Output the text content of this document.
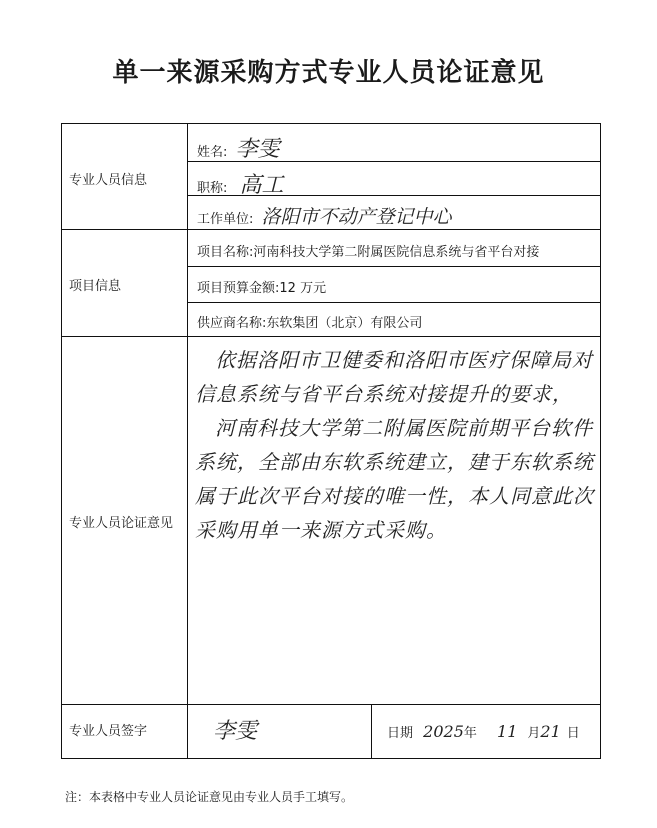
单一来源采购方式专业人员论证意见
专业人员信息
项目信息
专业人员论证意见
专业人员签字
姓名: 李雯
职称: 高工
工作单位: 洛阳市不动产登记中心
项目名称:河南科技大学第二附属医院信息系统与省平台对接
项目预算金额:12 万元
供应商名称:东软集团（北京）有限公司

依据洛阳市卫健委和洛阳市医疗保障局对信息系统与省平台系统对接提升的要求，

河南科技大学第二附属医院前期平台软件系统，全部由东软系统建立，建于东软系统属于此次平台对接的唯一性，本人同意此次采购用单一来源方式采购。

李雯	日期 2025年 11 月21 日
注：本表格中专业人员论证意见由专业人员手工填写。
